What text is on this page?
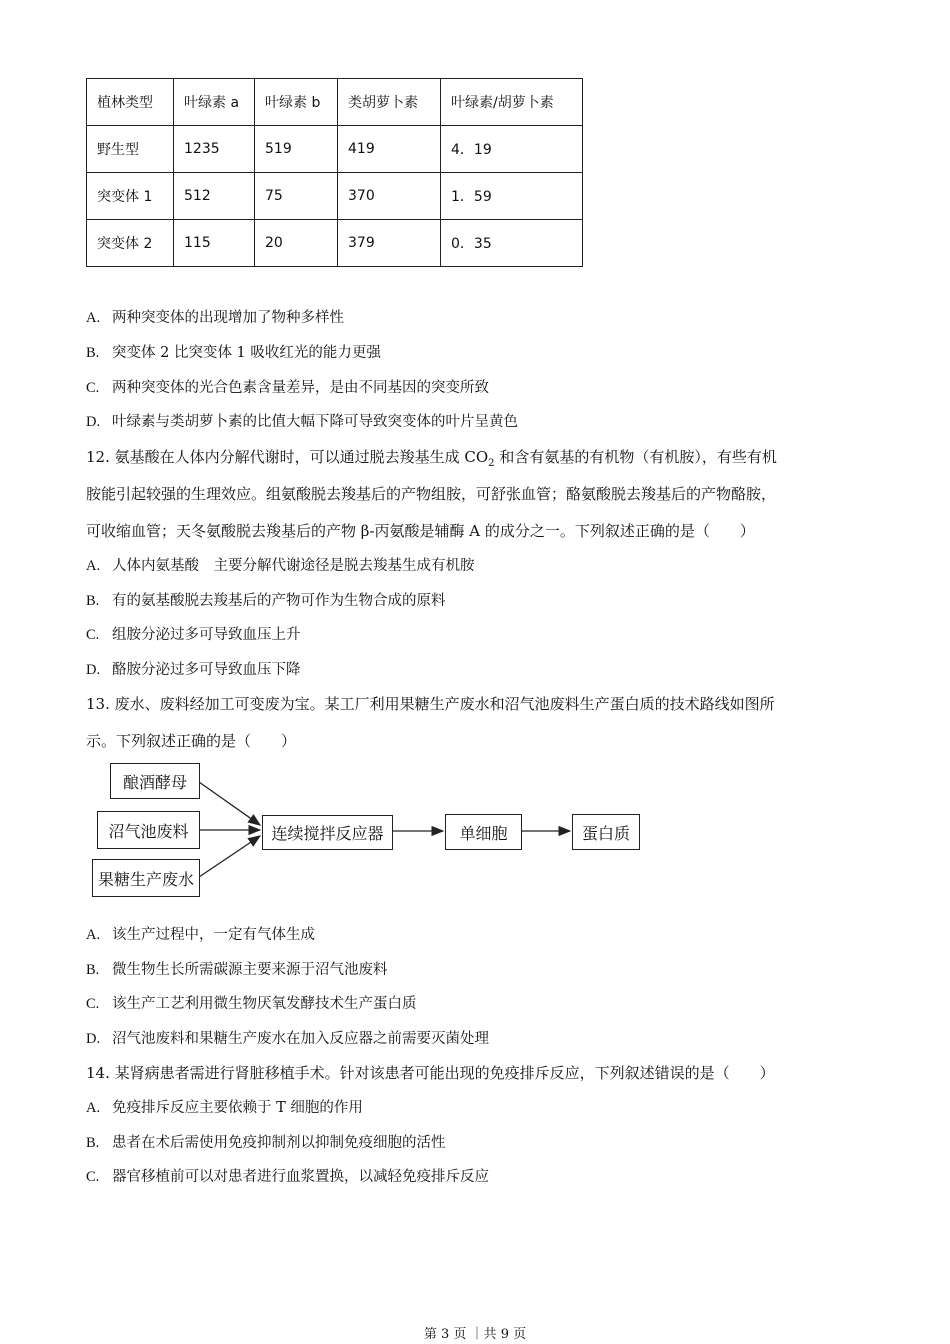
植林类型	叶绿素 a	叶绿素 b	类胡萝卜素	叶绿素/胡萝卜素
野生型	1235	519	419	4．19
突变体 1	512	75	370	1．59
突变体 2	115	20	379	0．35
A. 两种突变体的出现增加了物种多样性
B. 突变体 2 比突变体 1 吸收红光的能力更强
C. 两种突变体的光合色素含量差异，是由不同基因的突变所致
D. 叶绿素与类胡萝卜素的比值大幅下降可导致突变体的叶片呈黄色
12. 氨基酸在人体内分解代谢时，可以通过脱去羧基生成 $CO_2$ 和含有氨基的有机物（有机胺），有些有机
胺能引起较强的生理效应。组氨酸脱去羧基后的产物组胺，可舒张血管；酪氨酸脱去羧基后的产物酪胺，
可收缩血管；天冬氨酸脱去羧基后的产物 β-丙氨酸是辅酶 A 的成分之一。下列叙述正确的是（　　）
A. 人体内氨基酸　主要分解代谢途径是脱去羧基生成有机胺
B. 有的氨基酸脱去羧基后的产物可作为生物合成的原料
C. 组胺分泌过多可导致血压上升
D. 酪胺分泌过多可导致血压下降
13. 废水、废料经加工可变废为宝。某工厂利用果糖生产废水和沼气池废料生产蛋白质的技术路线如图所
示。下列叙述正确的是（　　）
酿酒酵母
沼气池废料
果糖生产废水
连续搅拌反应器	单细胞	蛋白质
A. 该生产过程中，一定有气体生成
B. 微生物生长所需碳源主要来源于沼气池废料
C. 该生产工艺利用微生物厌氧发酵技术生产蛋白质
D. 沼气池废料和果糖生产废水在加入反应器之前需要灭菌处理
14. 某肾病患者需进行肾脏移植手术。针对该患者可能出现的免疫排斥反应，下列叙述错误的是（　　）
A. 免疫排斥反应主要依赖于 T 细胞的作用
B. 患者在术后需使用免疫抑制剂以抑制免疫细胞的活性
C. 器官移植前可以对患者进行血浆置换，以减轻免疫排斥反应
第 3 页 ｜共 9 页
